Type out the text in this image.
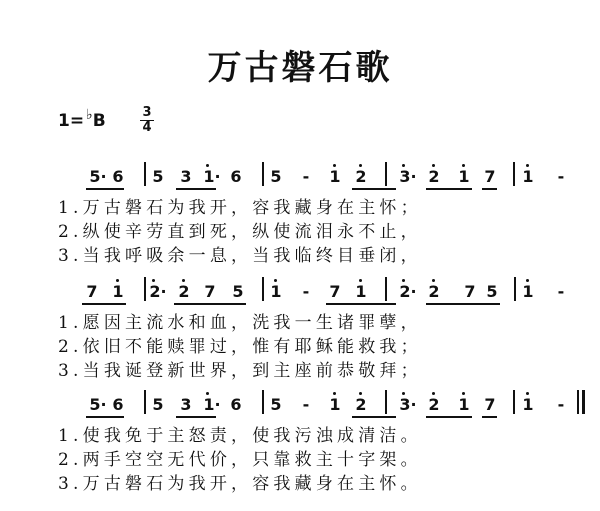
万古磐石歌
1= ♭B	3
4
5· 6 5 3 1· 6 5 - 1 2 3· 2 1 7 1 -
1.万古磐石为我开，容我藏身在主怀；
2.纵使辛劳直到死，纵使流泪永不止，
3.当我呼吸余一息，当我临终目垂闭，
7 1 2· 2 7 5 1 - 7 1 2· 2 7 5 1 -
1.愿因主流水和血，洗我一生诸罪孽，
2.依旧不能赎罪过，惟有耶稣能救我；
3.当我诞登新世界，到主座前恭敬拜；
5· 6 5 3 1· 6 5 - 1 2 3· 2 1 7 1 -
1.使我免于主怒责，使我污浊成清洁。
2.两手空空无代价，只靠救主十字架。
3.万古磐石为我开，容我藏身在主怀。
